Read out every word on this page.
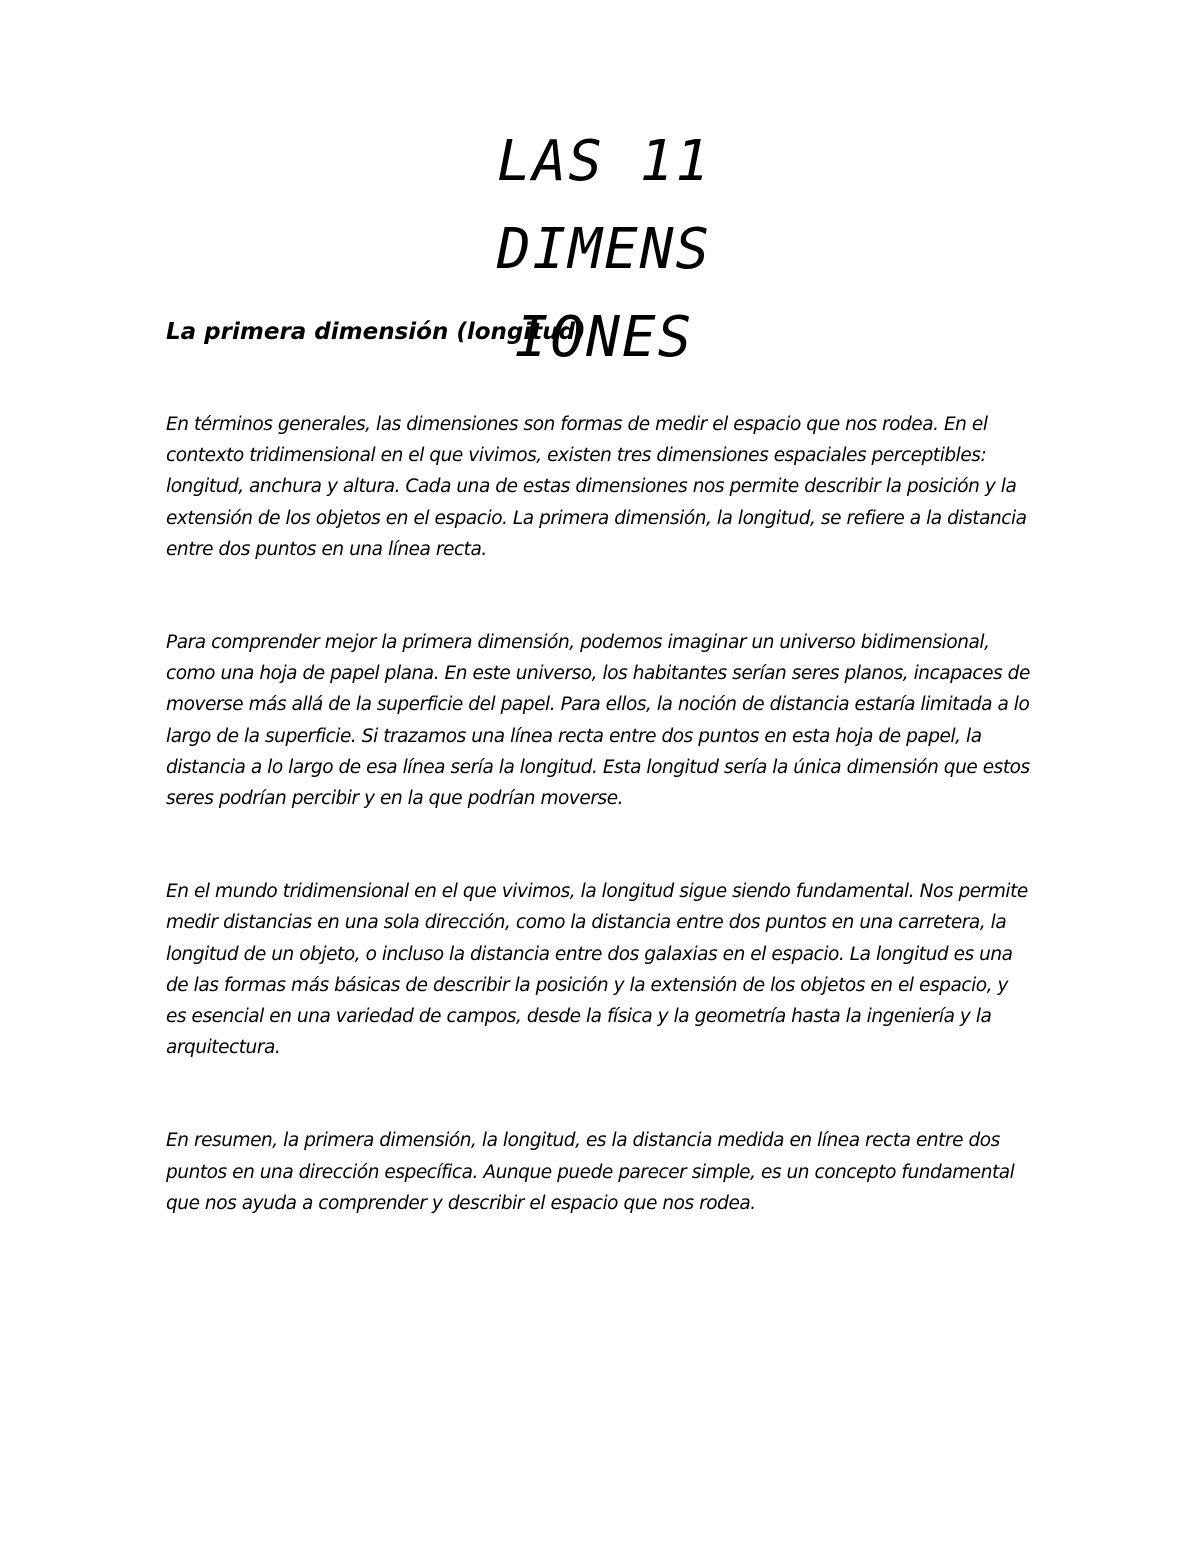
LAS 11 DIMENSIONES
La primera dimensión (longitud)

En términos generales, las dimensiones son formas de medir el espacio que nos rodea. En el contexto tridimensional en el que vivimos, existen tres dimensiones espaciales perceptibles: longitud, anchura y altura. Cada una de estas dimensiones nos permite describir la posición y la extensión de los objetos en el espacio. La primera dimensión, la longitud, se refiere a la distancia entre dos puntos en una línea recta.

Para comprender mejor la primera dimensión, podemos imaginar un universo bidimensional, como una hoja de papel plana. En este universo, los habitantes serían seres planos, incapaces de moverse más allá de la superficie del papel. Para ellos, la noción de distancia estaría limitada a lo largo de la superficie. Si trazamos una línea recta entre dos puntos en esta hoja de papel, la distancia a lo largo de esa línea sería la longitud. Esta longitud sería la única dimensión que estos seres podrían percibir y en la que podrían moverse.

En el mundo tridimensional en el que vivimos, la longitud sigue siendo fundamental. Nos permite medir distancias en una sola dirección, como la distancia entre dos puntos en una carretera, la longitud de un objeto, o incluso la distancia entre dos galaxias en el espacio. La longitud es una de las formas más básicas de describir la posición y la extensión de los objetos en el espacio, y es esencial en una variedad de campos, desde la física y la geometría hasta la ingeniería y la arquitectura.

En resumen, la primera dimensión, la longitud, es la distancia medida en línea recta entre dos puntos en una dirección específica. Aunque puede parecer simple, es un concepto fundamental que nos ayuda a comprender y describir el espacio que nos rodea.
